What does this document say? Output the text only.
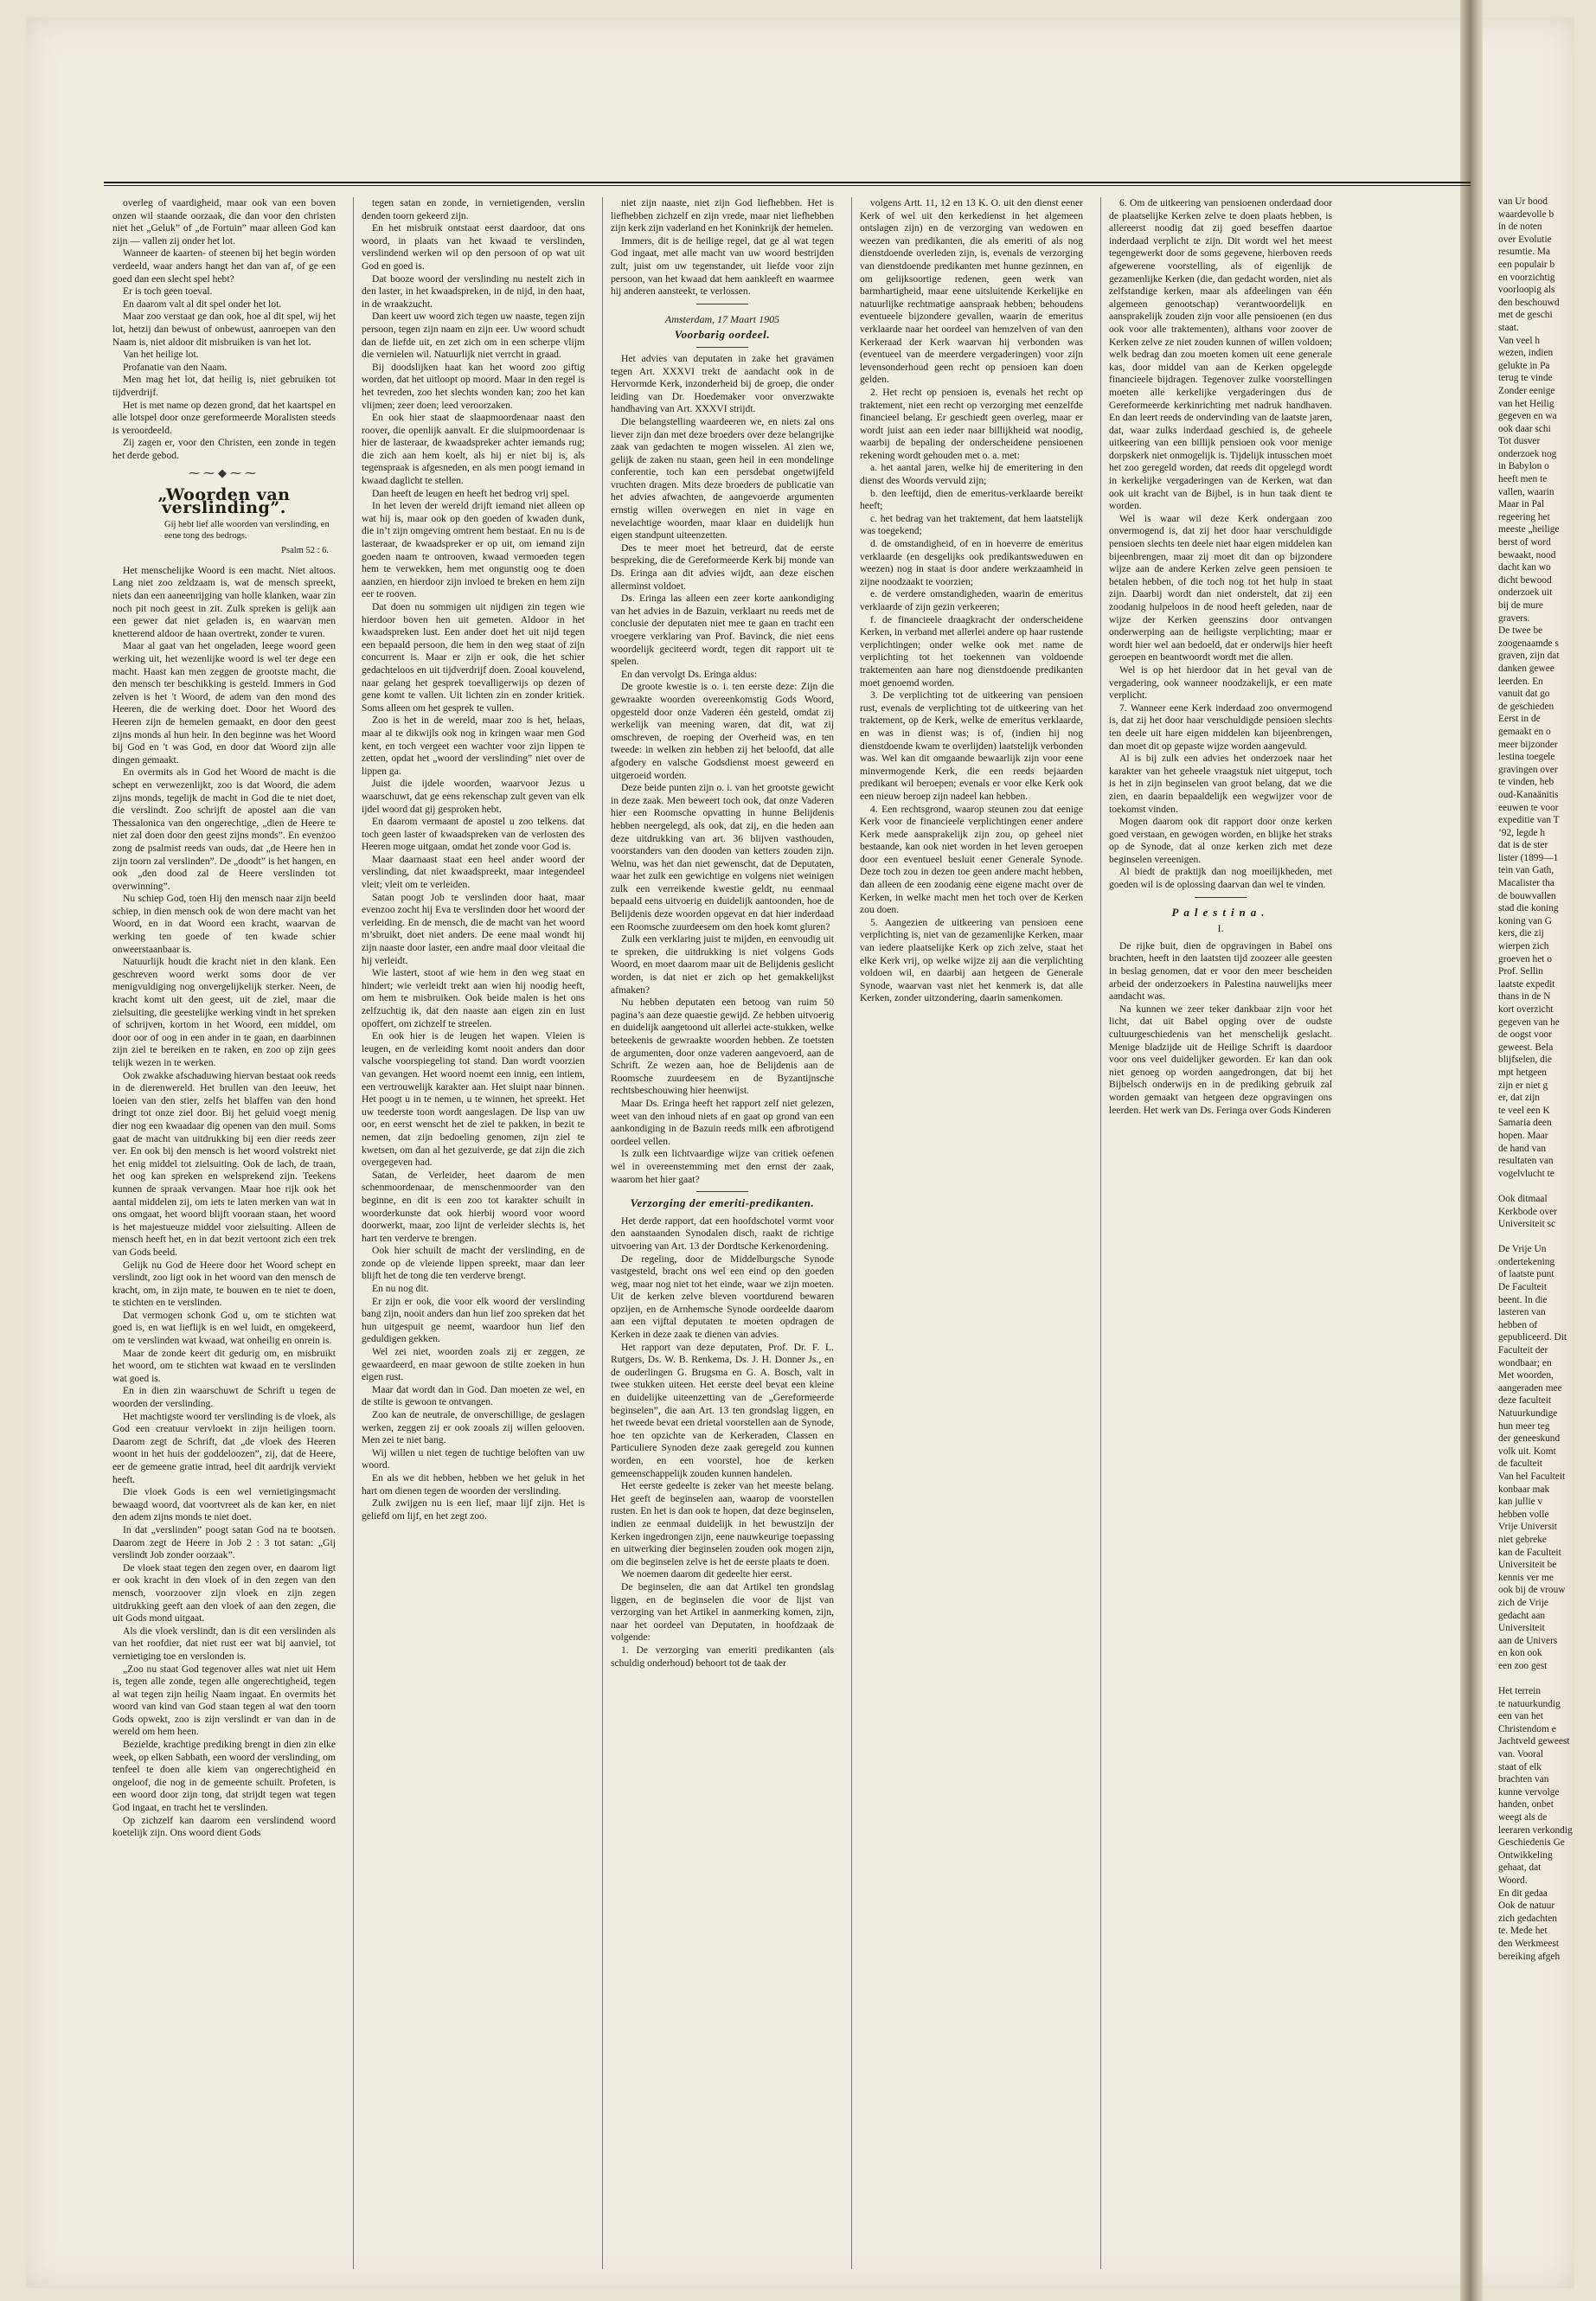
overleg of vaardigheid, maar ook van een boven onzen wil staande oorzaak, die dan voor den christen niet het „Geluk” of „de Fortuin” maar alleen God kan zijn — vallen zij onder het lot.

Wanneer de kaarten- of steenen bij het begin worden verdeeld, waar anders hangt het dan van af, of ge een goed dan een slecht spel hebt?

Er is toch geen toeval.

En daarom valt al dit spel onder het lot.

Maar zoo verstaat ge dan ook, hoe al dit spel, wij het lot, hetzij dan bewust of onbewust, aanroepen van den Naam is, niet aldoor dit misbruiken is van het lot.

Van het heilige lot.

Profanatie van den Naam.

Men mag het lot, dat heilig is, niet gebruiken tot tijdverdrijf.

Het is met name op dezen grond, dat het kaartspel en alle lotspel door onze gereformeerde Moralisten steeds is veroordeeld.

Zij zagen er, voor den Christen, een zonde in tegen het derde gebod.

⁓⁓◆⁓⁓
„Woorden van verslinding”.
Gij hebt lief alle woorden van verslinding, en eene tong des bedrogs.
Psalm 52 : 6.

Het menschelijke Woord is een macht. Niet altoos. Lang niet zoo zeldzaam is, wat de mensch spreekt, niets dan een aaneenrijging van holle klanken, waar zin noch pit noch geest in zit. Zulk spreken is gelijk aan een gewer dat niet geladen is, en waarvan men knetterend aldoor de haan overtrekt, zonder te vuren.

Maar al gaat van het ongeladen, leege woord geen werking uit, het wezenlijke woord is wel ter dege een macht. Haast kan men zeggen de grootste macht, die den mensch ter beschikking is gesteld. Immers in God zelven is het 't Woord, de adem van den mond des Heeren, die de werking doet. Door het Woord des Heeren zijn de hemelen gemaakt, en door den geest zijns monds al hun heir. In den beginne was het Woord bij God en 't was God, en door dat Woord zijn alle dingen gemaakt.

En overmits als in God het Woord de macht is die schept en verwezenlijkt, zoo is dat Woord, die adem zijns monds, tegelijk de macht in God die te niet doet, die verslindt. Zoo schrijft de apostel aan die van Thessalonica van den ongerechtige, „dien de Heere te niet zal doen door den geest zijns monds”. En evenzoo zong de psalmist reeds van ouds, dat „de Heere hen in zijn toorn zal verslinden”. De „doodt” is het hangen, en ook „den dood zal de Heere verslinden tot overwinning”.

Nu schiep God, toen Hij den mensch naar zijn beeld schiep, in dien mensch ook de won dere macht van het Woord, en in dat Woord een kracht, waarvan de werking ten goede of ten kwade schier onweerstaanbaar is.

Natuurlijk houdt die kracht niet in den klank. Een geschreven woord werkt soms door de ver menigvuldiging nog onvergelijkelijk sterker. Neen, de kracht komt uit den geest, uit de ziel, maar die zielsuiting, die geestelijke werking vindt in het spreken of schrijven, kortom in het Woord, een middel, om door oor of oog in een ander in te gaan, en daarbinnen zijn ziel te bereiken en te raken, en zoo op zijn gees telijk wezen in te werken.

Ook zwakke afschaduwing hiervan bestaat ook reeds in de dierenwereld. Het brullen van den leeuw, het loeien van den stier, zelfs het blaffen van den hond dringt tot onze ziel door. Bij het geluid voegt menig dier nog een kwaadaar dig openen van den muil. Soms gaat de macht van uitdrukking bij een dier reeds zeer ver. En ook bij den mensch is het woord volstrekt niet het enig middel tot zielsuiting. Ook de lach, de traan, het oog kan spreken en welsprekend zijn. Teekens kunnen de spraak vervangen. Maar hoe rijk ook het aantal middelen zij, om iets te laten merken van wat in ons omgaat, het woord blijft vooraan staan, het woord is het majestueuze middel voor zielsuiting. Alleen de mensch heeft het, en in dat bezit vertoont zich een trek van Gods beeld.

Gelijk nu God de Heere door het Woord schept en verslindt, zoo ligt ook in het woord van den mensch de kracht, om, in zijn mate, te bouwen en te niet te doen, te stichten en te verslinden.

Dat vermogen schonk God u, om te stichten wat goed is, en wat lieflijk is en wel luidt, en omgekeerd, om te verslinden wat kwaad, wat onheilig en onrein is.

Maar de zonde keert dit gedurig om, en misbruikt het woord, om te stichten wat kwaad en te verslinden wat goed is.

En in dien zin waarschuwt de Schrift u tegen de woorden der verslinding.

Het machtigste woord ter verslinding is de vloek, als God een creatuur vervloekt in zijn heiligen toorn. Daarom zegt de Schrift, dat „de vloek des Heeren woont in het huis der goddeloozen”, zij, dat de Heere, eer de gemeene gratie intrad, heel dit aardrijk verviekt heeft.

Die vloek Gods is een wel vernietigingsmacht bewaagd woord, dat voortvreet als de kan ker, en niet den adem zijns monds te niet doet.

In dat „verslinden” poogt satan God na te bootsen. Daarom zegt de Heere in Job 2 : 3 tot satan: „Gij verslindt Job zonder oorzaak”.

De vloek staat tegen den zegen over, en daarom ligt er ook kracht in den vloek of in den zegen van den mensch, voorzoover zijn vloek en zijn zegen uitdrukking geeft aan den vloek of aan den zegen, die uit Gods mond uitgaat.

Als die vloek verslindt, dan is dit een verslinden als van het roofdier, dat niet rust eer wat bij aanviel, tot vernietiging toe en verslonden is.

„Zoo nu staat God tegenover alles wat niet uit Hem is, tegen alle zonde, tegen alle ongerechtigheid, tegen al wat tegen zijn heilig Naam ingaat. En overmits het woord van kind van God staan tegen al wat den toorn Gods opwekt, zoo is zijn verslindt er van dan in de wereld om hem heen.

Bezielde, krachtige prediking brengt in dien zin elke week, op elken Sabbath, een woord der verslinding, om tenfeel te doen alle kiem van ongerechtigheid en ongeloof, die nog in de gemeente schuilt. Profeten, is een woord door zijn tong, dat strijdt tegen wat tegen God ingaat, en tracht het te verslinden.

Op zichzelf kan daarom een verslindend woord koetelijk zijn. Ons woord dient Gods

tegen satan en zonde, in vernietigenden, verslin denden toorn gekeerd zijn.

En het misbruik ontstaat eerst daardoor, dat ons woord, in plaats van het kwaad te verslinden, verslindend werken wil op den persoon of op wat uit God en goed is.

Dat booze woord der verslinding nu nestelt zich in den laster, in het kwaadspreken, in de nijd, in den haat, in de wraakzucht.

Dan keert uw woord zich tegen uw naaste, tegen zijn persoon, tegen zijn naam en zijn eer. Uw woord schudt dan de liefde uit, en zet zich om in een scherpe vlijm die vernielen wil. Natuurlijk niet verrcht in graad.

Bij doodslijken haat kan het woord zoo giftig worden, dat het uitloopt op moord. Maar in den regel is het tevreden, zoo het slechts wonden kan; zoo het kan vlijmen; zeer doen; leed veroorzaken.

En ook hier staat de slaapmoordenaar naast den roover, die openlijk aanvalt. Er die sluipmoordenaar is hier de lasteraar, de kwaadspreker achter iemands rug; die zich aan hem koelt, als hij er niet bij is, als tegenspraak is afgesneden, en als men poogt iemand in kwaad daglicht te stellen.

Dan heeft de leugen en heeft het bedrog vrij spel.

In het leven der wereld drijft iemand niet alleen op wat hij is, maar ook op den goeden of kwaden dunk, die in’t zijn omgeving omtrent hem bestaat. En nu is de lasteraar, de kwaadspreker er op uit, om iemand zijn goeden naam te ontrooven, kwaad vermoeden tegen hem te verwekken, hem met ongunstig oog te doen aanzien, en hierdoor zijn invloed te breken en hem zijn eer te rooven.

Dat doen nu sommigen uit nijdigen zin tegen wie hierdoor boven hen uit gemeten. Aldoor in het kwaadspreken lust. Een ander doet het uit nijd tegen een bepaald persoon, die hem in den weg staat of zijn concurrent is. Maar er zijn er ook, die het schier gedachteloos en uit tijdverdrijf doen. Zooal kouvelend, naar gelang het gesprek toevalligerwijs op dezen of gene komt te vallen. Uit lichten zin en zonder kritiek. Soms alleen om het gesprek te vullen.

Zoo is het in de wereld, maar zoo is het, helaas, maar al te dikwijls ook nog in kringen waar men God kent, en toch vergeet een wachter voor zijn lippen te zetten, opdat het „woord der verslinding” niet over de lippen ga.

Juist die ijdele woorden, waarvoor Jezus u waarschuwt, dat ge eens rekenschap zult geven van elk ijdel woord dat gij gesproken hebt.

En daarom vermaant de apostel u zoo telkens. dat toch geen laster of kwaadspreken van de verlosten des Heeren moge uitgaan, omdat het zonde voor God is.

Maar daarnaast staat een heel ander woord der verslinding, dat niet kwaadspreekt, maar integendeel vleit; vleit om te verleiden.

Satan poogt Job te verslinden door haat, maar evenzoo zocht hij Eva te verslinden door het woord der verleiding. En de mensch, die de macht van het woord m’sbruikt, doet niet anders. De eene maal wondt hij zijn naaste door laster, een andre maal door vleitaal die hij verleidt.

Wie lastert, stoot af wie hem in den weg staat en hindert; wie verleidt trekt aan wien hij noodig heeft, om hem te misbruiken. Ook beide malen is het ons zelfzuchtig ik, dat den naaste aan eigen zin en lust opoffert, om zichzelf te streelen.

En ook hier is de leugen het wapen. Vleien is leugen, en de verleiding komt nooit anders dan door valsche voorspiegeling tot stand. Dan wordt voorzien van gevangen. Het woord noemt een innig, een intiem, een vertrouwelijk karakter aan. Het sluipt naar binnen. Het poogt u in te nemen, u te winnen, het spreekt. Het uw teederste toon wordt aangeslagen. De lisp van uw oor, en eerst wenscht het de ziel te pakken, in bezit te nemen, dat zijn bedoeling genomen, zijn ziel te kwetsen, om dan al het gezuiverde, ge dat zijn die zich overgegeven had.

Satan, de Verleider, heet daarom de men schenmoordenaar, de menschenmoorder van den beginne, en dit is een zoo tot karakter schuilt in woorderkunste dat ook hierbij woord voor woord doorwerkt, maar, zoo lijnt de verleider slechts is, het hart ten verderve te brengen.

Ook hier schuilt de macht der verslinding, en de zonde op de vleiende lippen spreekt, maar dan leer blijft het de tong die ten verderve brengt.

En nu nog dit.

Er zijn er ook, die voor elk woord der verslinding bang zijn, nooit anders dan hun lief zoo spreken dat het hun uitgespuit ge neemt, waardoor hun lief den geduldigen gekken.

Wel zei niet, woorden zoals zij er zeggen, ze gewaardeerd, en maar gewoon de stilte zoeken in hun eigen rust.

Maar dat wordt dan in God. Dan moeten ze wel, en de stilte is gewoon te ontvangen.

Zoo kan de neutrale, de onverschillige, de geslagen werken, zeggen zij er ook zooals zij willen gelooven. Men zei te niet bang.

Wij willen u niet tegen de tuchtige beloften van uw woord.

En als we dit hebben, hebben we het geluk in het hart om dienen tegen de woorden der verslinding.

Zulk zwijgen nu is een lief, maar lijf zijn. Het is geliefd om lijf, en het zegt zoo.

niet zijn naaste, niet zijn God liefhebben. Het is liefhebben zichzelf en zijn vrede, maar niet liefhebben zijn kerk zijn vaderland en het Koninkrijk der hemelen.

Immers, dit is de heilige regel, dat ge al wat tegen God ingaat, met alle macht van uw woord bestrijden zult, juist om uw tegenstander, uit liefde voor zijn persoon, van het kwaad dat hem aankleeft en waarmee hij anderen aansteekt, te verlossen.

Amsterdam, 17 Maart 1905
Voorbarig oordeel.

Het advies van deputaten in zake het gravamen tegen Art. XXXVI trekt de aandacht ook in de Hervormde Kerk, inzonderheid bij de groep, die onder leiding van Dr. Hoedemaker voor onverzwakte handhaving van Art. XXXVI strijdt.

Die belangstelling waardeeren we, en niets zal ons liever zijn dan met deze broeders over deze belangrijke zaak van gedachten te mogen wisselen. Al zien we, gelijk de zaken nu staan, geen heil in een mondelinge conferentie, toch kan een persdebat ongetwijfeld vruchten dragen. Mits deze broeders de publicatie van het advies afwachten, de aangevoerde argumenten ernstig willen overwegen en niet in vage en nevelachtige woorden, maar klaar en duidelijk hun eigen standpunt uiteenzetten.

Des te meer moet het betreurd, dat de eerste bespreking, die de Gereformeerde Kerk bij monde van Ds. Eringa aan dit advies wijdt, aan deze eischen allerminst voldoet.

Ds. Eringa las alleen een zeer korte aankondiging van het advies in de Bazuin, verklaart nu reeds met de conclusie der deputaten niet mee te gaan en tracht een vroegere verklaring van Prof. Bavinck, die niet eens woordelijk geciteerd wordt, tegen dit rapport uit te spelen.

En dan vervolgt Ds. Eringa aldus:

De groote kwestie is o. i. ten eerste deze: Zijn die gewraakte woorden overeenkomstig Gods Woord, opgesteld door onze Vaderen één gesteld, omdat zij werkelijk van meening waren, dat dit, wat zij omschreven, de roeping der Overheid was, en ten tweede: in welken zin hebben zij het beloofd, dat alle afgodery en valsche Godsdienst moest geweerd en uitgeroeid worden.

Deze beide punten zijn o. i. van het grootste gewicht in deze zaak. Men beweert toch ook, dat onze Vaderen hier een Roomsche opvatting in hunne Belijdenis hebben neergelegd, als ook, dat zij, en die heden aan deze uitdrukking van art. 36 blijven vasthouden, voorstanders van den dooden van ketters zouden zijn. Welnu, was het dan niet gewenscht, dat de Deputaten, waar het zulk een gewichtige en volgens niet weinigen zulk een verreikende kwestie geldt, nu eenmaal bepaald eens uitvoerig en duidelijk aantoonden, hoe de Belijdenis deze woorden opgevat en dat hier inderdaad een Roomsche zuurdeesem om den hoek komt gluren?

Zulk een verklaring juist te mijden, en eenvoudig uit te spreken, die uitdrukking is niet volgens Gods Woord, en moet daarom maar uit de Belijdenis geslicht worden, is dat niet er zich op het gemakkelijkst afmaken?

Nu hebben deputaten een betoog van ruim 50 pagina’s aan deze quaestie gewijd. Ze hebben uitvoerig en duidelijk aangetoond uit allerlei acte-stukken, welke beteekenis de gewraakte woorden hebben. Ze toetsten de argumenten, door onze vaderen aangevoerd, aan de Schrift. Ze wezen aan, hoe de Belijdenis aan de Roomsche zuurdeesem en de Byzantijnsche rechtsbeschouwing hier heenwijst.

Maar Ds. Eringa heeft het rapport zelf niet gelezen, weet van den inhoud niets af en gaat op grond van een aankondiging in de Bazuin reeds milk een afbrotigend oordeel vellen.

Is zulk een lichtvaardige wijze van critiek oefenen wel in overeenstemming met den ernst der zaak, waarom het hier gaat?

Verzorging der emeriti-predikanten.

Het derde rapport, dat een hoofdschotel vormt voor den aanstaanden Synodalen disch, raakt de richtige uitvoering van Art. 13 der Dordtsche Kerkenordening.

De regeling, door de Middelburgsche Synode vastgesteld, bracht ons wel een eind op den goeden weg, maar nog niet tot het einde, waar we zijn moeten. Uit de kerken zelve bleven voortdurend bewaren opzijen, en de Arnhemsche Synode oordeelde daarom aan een vijftal deputaten te moeten opdragen de Kerken in deze zaak te dienen van advies.

Het rapport van deze deputaten, Prof. Dr. F. L. Rutgers, Ds. W. B. Renkema, Ds. J. H. Donner Js., en de ouderlingen G. Brugsma en G. A. Bosch, valt in twee stukken uiteen. Het eerste deel bevat een kleine en duidelijke uiteenzetting van de „Gereformeerde beginselen”, die aan Art. 13 ten grondslag liggen, en het tweede bevat een drietal voorstellen aan de Synode, hoe ten opzichte van de Kerkeraden, Classen en Particuliere Synoden deze zaak geregeld zou kunnen worden, en een voorstel, hoe de kerken gemeenschappelijk zouden kunnen handelen.

Het eerste gedeelte is zeker van het meeste belang. Het geeft de beginselen aan, waarop de voorstellen rusten. En het is dan ook te hopen, dat deze beginselen, indien ze eenmaal duidelijk in het bewustzijn der Kerken ingedrongen zijn, eene nauwkeurige toepassing en uitwerking dier beginselen zouden ook mogen zijn, om die beginselen zelve is het de eerste plaats te doen.

We noemen daarom dit gedeelte hier eerst.

De beginselen, die aan dat Artikel ten grondslag liggen, en de beginselen die voor de lijst van verzorging van het Artikel in aanmerking komen, zijn, naar het oordeel van Deputaten, in hoofdzaak de volgende:

1. De verzorging van emeriti predikanten (als schuldig onderhoud) behoort tot de taak der

volgens Artt. 11, 12 en 13 K. O. uit den dienst eener Kerk of wel uit den kerkedienst in het algemeen ontslagen zijn) en de verzorging van wedowen en weezen van predikanten, die als emeriti of als nog dienstdoende overleden zijn, is, evenals de verzorging van dienstdoende predikanten met hunne gezinnen, en om gelijksoortige redenen, geen werk van barmhartigheid, maar eene uitsluitende Kerkelijke en natuurlijke rechtmatige aanspraak hebben; behoudens eventueele bijzondere gevallen, waarin de emeritus verklaarde naar het oordeel van hemzelven of van den Kerkeraad der Kerk waarvan hij verbonden was (eventueel van de meerdere vergaderingen) voor zijn levensonderhoud geen recht op pensioen kan doen gelden.

2. Het recht op pensioen is, evenals het recht op traktement, niet een recht op verzorging met eenzelfde financieel belang. Er geschiedt geen overleg, maar er wordt juist aan een ieder naar billijkheid wat noodig, waarbij de bepaling der onderscheidene pensioenen rekening wordt gehouden met o. a. met:

a. het aantal jaren, welke hij de emeritering in den dienst des Woords vervuld zijn;

b. den leeftijd, dien de emeritus-verklaarde bereikt heeft;

c. het bedrag van het traktement, dat hem laatstelijk was toegekend;

d. de omstandigheid, of en in hoeverre de emeritus verklaarde (en desgelijks ook predikantsweduwen en weezen) nog in staat is door andere werkzaamheid in zijne noodzaakt te voorzien;

e. de verdere omstandigheden, waarin de emeritus verklaarde of zijn gezin verkeeren;

f. de financieele draagkracht der onderscheidene Kerken, in verband met allerlei andere op haar rustende verplichtingen; onder welke ook met name de verplichting tot het toekennen van voldoende traktementen aan hare nog dienstdoende predikanten moet genoemd worden.

3. De verplichting tot de uitkeering van pensioen rust, evenals de verplichting tot de uitkeering van het traktement, op de Kerk, welke de emeritus verklaarde, en was in dienst was; is of, (indien hij nog dienstdoende kwam te overlijden) laatstelijk verbonden was. Wel kan dit omgaande bewaarlijk zijn voor eene minvermogende Kerk, die een reeds bejaarden predikant wil beroepen; evenals er voor elke Kerk ook een nieuw beroep zijn nadeel kan hebben.

4. Een rechtsgrond, waarop steunen zou dat eenige Kerk voor de financieele verplichtingen eener andere Kerk mede aansprakelijk zijn zou, op geheel niet bestaande, kan ook niet worden in het leven geroepen door een eventueel besluit eener Generale Synode. Deze toch zou in dezen toe geen andere macht hebben, dan alleen de een zoodanig eene eigene macht over de Kerken, in welke macht men het toch over de Kerken zou doen.

5. Aangezien de uitkeering van pensioen eene verplichting is, niet van de gezamenlijke Kerken, maar van iedere plaatselijke Kerk op zich zelve, staat het elke Kerk vrij, op welke wijze zij aan die verplichting voldoen wil, en daarbij aan hetgeen de Generale Synode, waarvan vast niet het kenmerk is, dat alle Kerken, zonder uitzondering, daarin samenkomen.

6. Om de uitkeering van pensioenen onderdaad door de plaatselijke Kerken zelve te doen plaats hebben, is allereerst noodig dat zij goed beseffen daartoe inderdaad verplicht te zijn. Dit wordt wel het meest tegengewerkt door de soms gegevene, hierboven reeds afgewerene voorstelling, als of eigenlijk de gezamenlijke Kerken (die, dan gedacht worden, niet als zelfstandige kerken, maar als afdeelingen van één algemeen genootschap) verantwoordelijk en aansprakelijk zouden zijn voor alle pensioenen (en dus ook voor alle traktementen), althans voor zoover de Kerken zelve ze niet zouden kunnen of willen voldoen; welk bedrag dan zou moeten komen uit eene generale kas, door middel van aan de Kerken opgelegde financieele bijdragen. Tegenover zulke voorstellingen moeten alle kerkelijke vergaderingen dus de Gereformeerde kerkinrichting met nadruk handhaven. En dan leert reeds de ondervinding van de laatste jaren, dat, waar zulks inderdaad geschied is, de geheele uitkeering van een billijk pensioen ook voor menige dorpskerk niet onmogelijk is. Tijdelijk intusschen moet het zoo geregeld worden, dat reeds dit opgelegd wordt in kerkelijke vergaderingen van de Kerken, wat dan ook uit kracht van de Bijbel, is in hun taak dient te worden.

Wel is waar wil deze Kerk ondergaan zoo onvermogend is, dat zij het door haar verschuldigde pensioen slechts ten deele niet haar eigen middelen kan bijeenbrengen, maar zij moet dit dan op bijzondere wijze aan de andere Kerken zelve geen pensioen te betalen hebben, of die toch nog tot het hulp in staat zijn. Daarbij wordt dan niet onderstelt, dat zij een zoodanig hulpeloos in de nood heeft geleden, naar de wijze der Kerken geenszins door ontvangen onderwerping aan de heiligste verplichting; maar er wordt hier wel aan bedoeld, dat er onderwijs hier heeft geroepen en beantwoordt wordt met die allen.

Wel is op het hierdoor dat in het geval van de vergadering, ook wanneer noodzakelijk, er een mate verplicht.

7. Wanneer eene Kerk inderdaad zoo onvermogend is, dat zij het door haar verschuldigde pensioen slechts ten deele uit hare eigen middelen kan bijeenbrengen, dan moet dit op gepaste wijze worden aangevuld.

Al is bij zulk een advies het onderzoek naar het karakter van het geheele vraagstuk niet uitgeput, toch is het in zijn beginselen van groot belang, dat we die zien, en daarin bepaaldelijk een wegwijzer voor de toekomst vinden.

Mogen daarom ook dit rapport door onze kerken goed verstaan, en gewogen worden, en blijke het straks op de Synode, dat al onze kerken zich met deze beginselen vereenigen.

Al biedt de praktijk dan nog moeilijkheden, met goeden wil is de oplossing daarvan dan wel te vinden.

Palestina.
I.

De rijke buit, dien de opgravingen in Babel ons brachten, heeft in den laatsten tijd zoozeer alle geesten in beslag genomen, dat er voor den meer bescheiden arbeid der onderzoekers in Palestina nauwelijks meer aandacht was.

Na kunnen we zeer teker dankbaar zijn voor het licht, dat uit Babel opging over de oudste cultuurgeschiedenis van het menschelijk geslacht. Menige bladzijde uit de Heilige Schrift is daardoor voor ons veel duidelijker geworden. Er kan dan ook niet genoeg op worden aangedrongen, dat bij het Bijbelsch onderwijs en in de prediking gebruik zal worden gemaakt van hetgeen deze opgravingen ons leerden. Het werk van Ds. Feringa over Gods Kinderen

van Ur bood
waardevolle b
in de noten
over Evolutie
resumtie. Ma
een populair b
en voorzichtig
voorloopig als
den beschouwd
met de geschi
staat.
Van veel h
wezen, indien
gelukte in Pa
terug te vinde
Zonder eenige
van het Heilig
gegeven en wa
ook daar schi
Tot dusver
onderzoek nog
in Babylon o
heeft men te
vallen, waarin
Maar in Pal
regeering het
meeste „heilige
berst of word
bewaakt, nood
dacht kan wo
dicht bewood
onderzoek uit
bij de mure
gravers.
De twee be
zoogenaamde s
graven, zijn dat
danken gewee
leerden. En
vanuit dat go
de geschieden
Eerst in de
gemaakt en o
meer bijzonder
lestina toegele
gravingen over
te vinden, heb
oud-Kanaänitis
eeuwen te voor
expeditie van T
’92, legde h
dat is de ster
lister (1899—1
tein van Gath,
Macalister tha
de bouwvallen
stad die koning
koning van G
kers, die zij
wierpen zich
groeven het o
Prof. Sellin
laatste expedit
thans in de N
kort overzicht
gegeven van he
de oogst voor
geweest. Bela
blijfselen, die
mpt hetgeen
zijn er niet g
er, dat zijn
te veel een K
Samaria deen
hopen. Maar
de hand van
resultaten van
vogelvlucht te

Ook ditmaal
Kerkbode over
Universiteit sc

De Vrije Un
ondertekening
of laatste punt
De Faculteit
beent. In die
lasteren van
hebben of
gepubliceerd. Dit
Faculteit der
wondbaar; en
Met woorden,
aangeraden mee
deze faculteit
Natuurkundige
hun meer teg
der geneeskund
volk uit. Komt
de faculteit
Van hel Faculteit
konbaar mak
kan jullie v
hebben volle
Vrije Universit
niet gebreke
kan de Faculteit
Universiteit be
kennis ver me
ook bij de vrouw
zich de Vrije
gedacht aan
Universiteit
aan de Univers
en kon ook
een zoo gest

Het terrein
te natuurkundig
een van het
Christendom e
Jachtveld geweest
van. Vooral
staat of elk
brachten van
kunne vervolge
handen, onbet
weegt als de
leeraren verkondig
Geschiedenis Ge
Ontwikkeling
gehaat, dat
Woord.
En dit gedaa
Ook de natuur
zich gedachten
te. Mede het
den Werkmeest
bereiking afgeh
